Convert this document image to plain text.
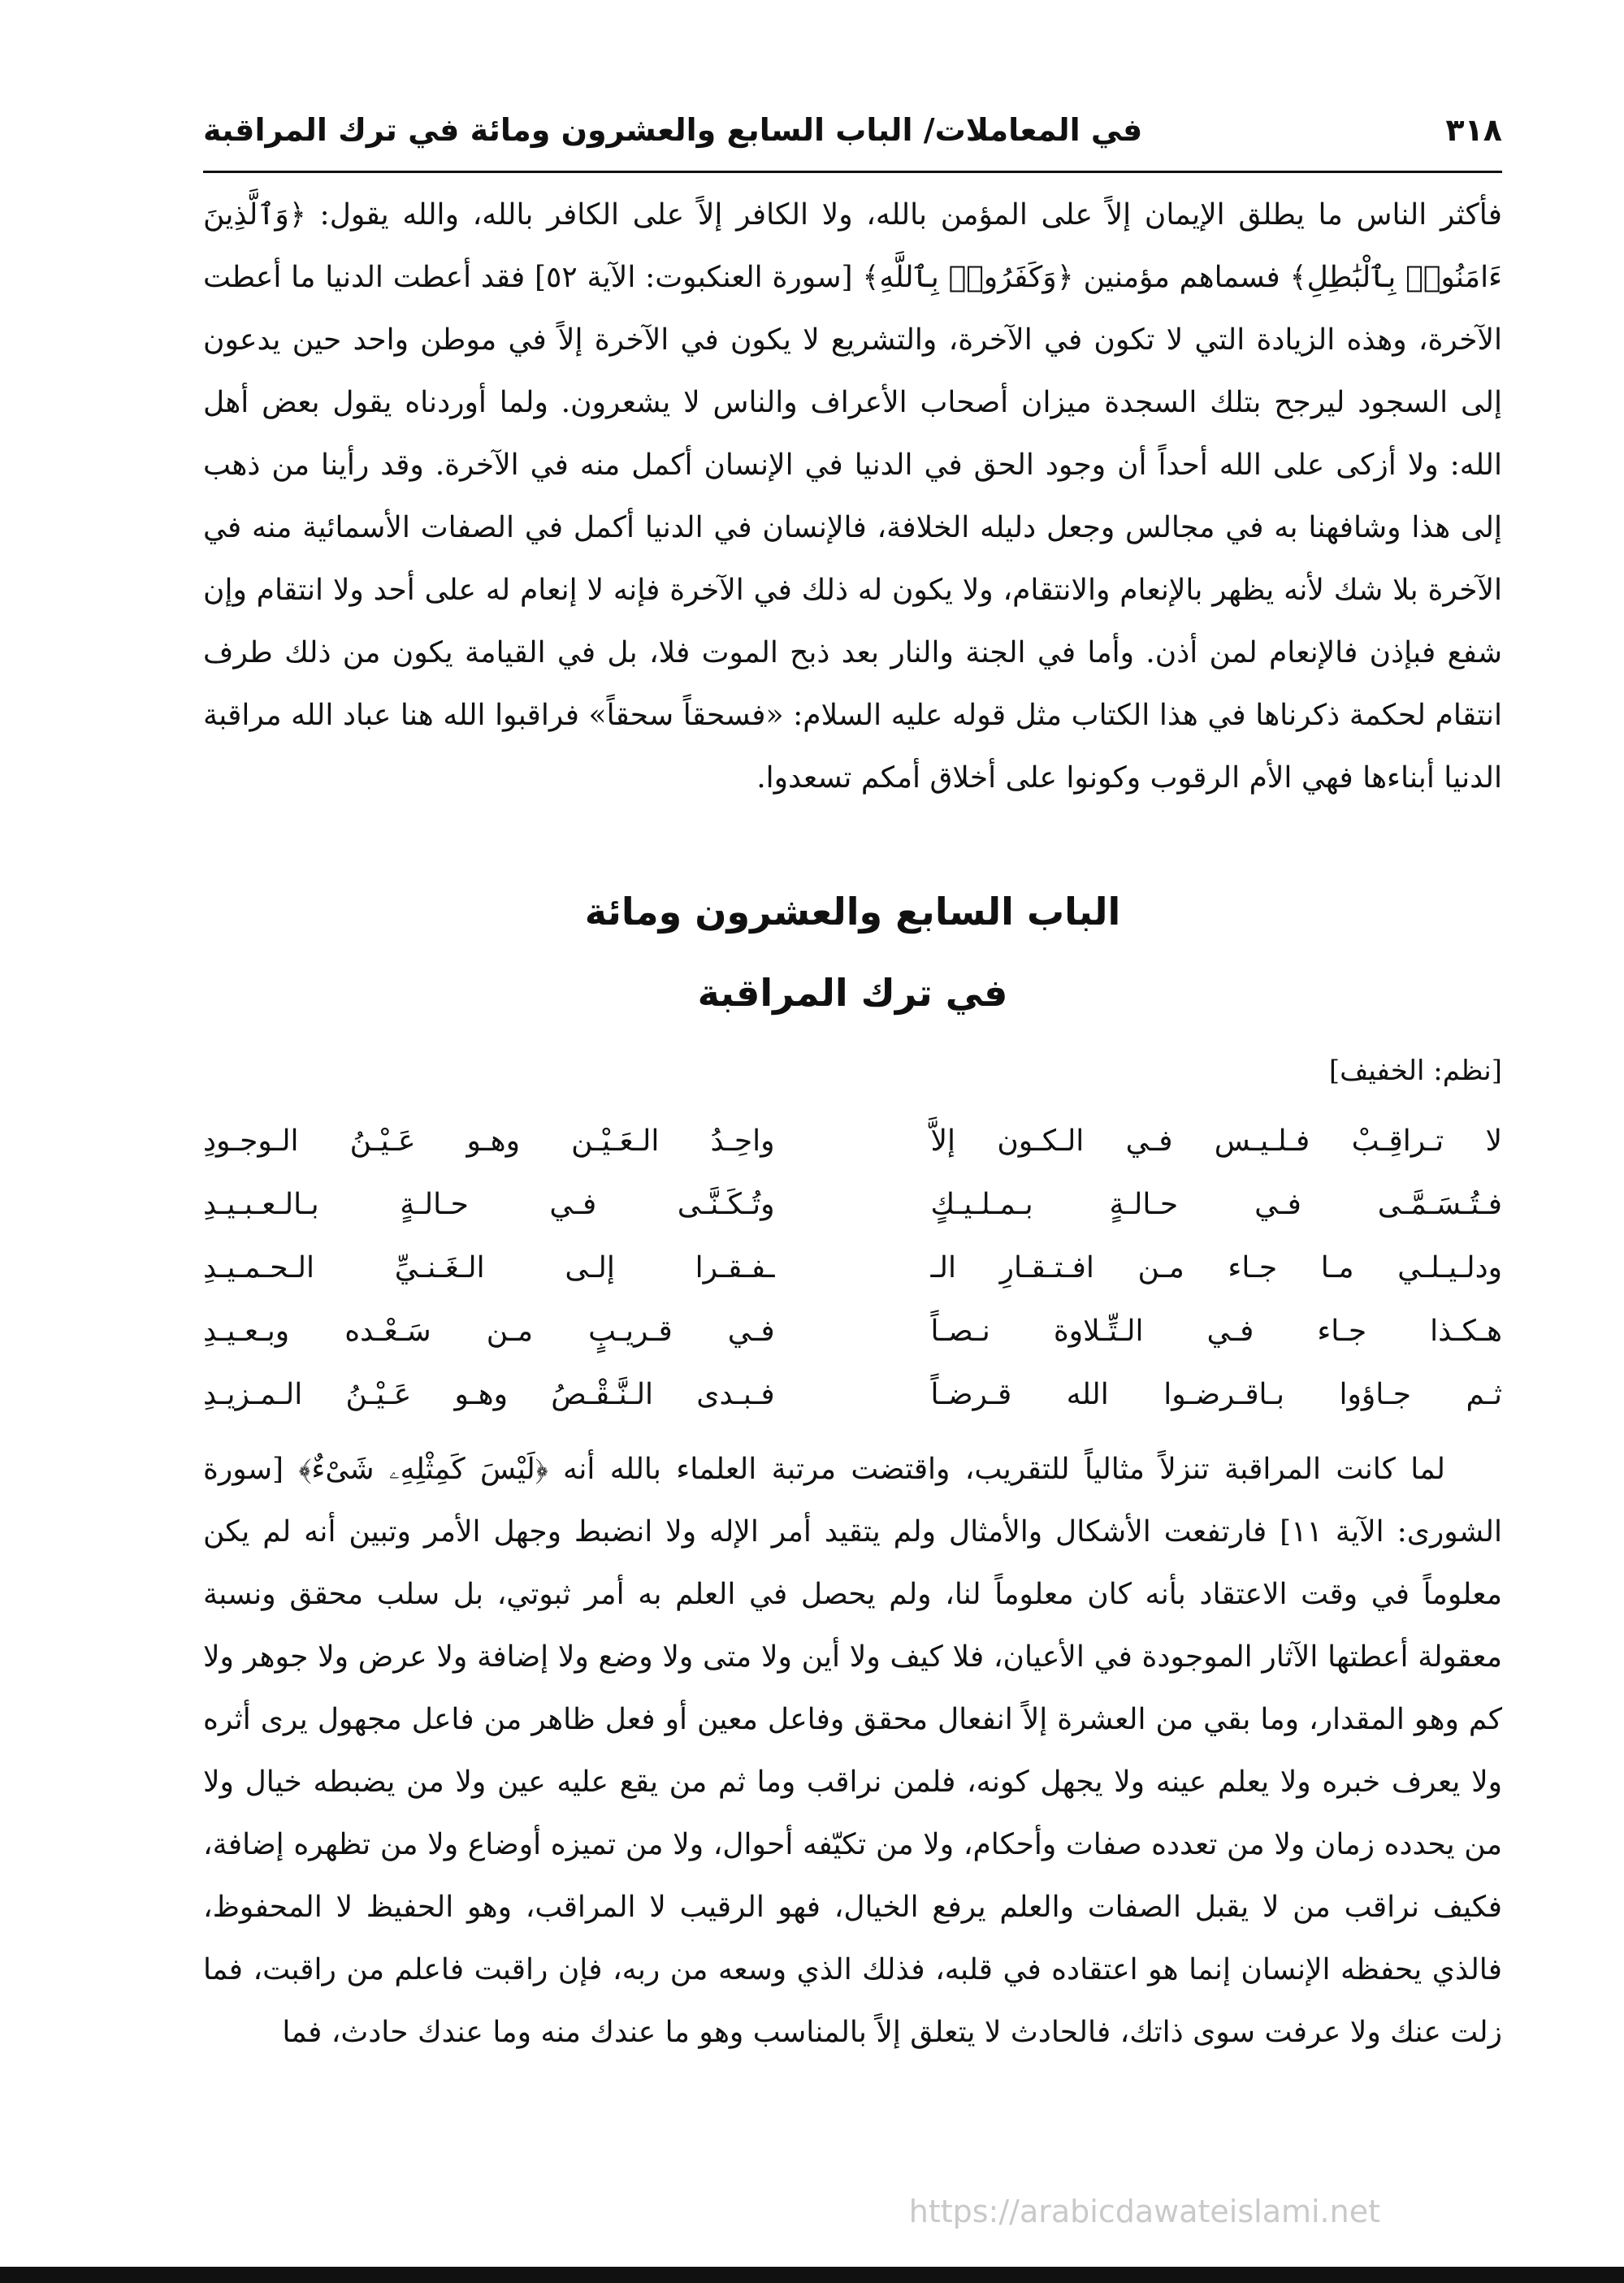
٣١٨
في المعاملات/ الباب السابع والعشرون ومائة في ترك المراقبة

فأكثر الناس ما يطلق الإيمان إلاً على المؤمن بالله، ولا الكافر إلاً على الكافر بالله، والله يقول: ﴿وَٱلَّذِينَ ءَامَنُوا۟ بِٱلْبَٰطِلِ﴾ فسماهم مؤمنين ﴿وَكَفَرُوا۟ بِٱللَّهِ﴾ [سورة العنكبوت: الآية ٥٢] فقد أعطت الدنيا ما أعطت الآخرة، وهذه الزيادة التي لا تكون في الآخرة، والتشريع لا يكون في الآخرة إلاً في موطن واحد حين يدعون إلى السجود ليرجح بتلك السجدة ميزان أصحاب الأعراف والناس لا يشعرون. ولما أوردناه يقول بعض أهل الله: ولا أزكى على الله أحداً أن وجود الحق في الدنيا في الإنسان أكمل منه في الآخرة. وقد رأينا من ذهب إلى هذا وشافهنا به في مجالس وجعل دليله الخلافة، فالإنسان في الدنيا أكمل في الصفات الأسمائية منه في الآخرة بلا شك لأنه يظهر بالإنعام والانتقام، ولا يكون له ذلك في الآخرة فإنه لا إنعام له على أحد ولا انتقام وإن شفع فبإذن فالإنعام لمن أذن. وأما في الجنة والنار بعد ذبح الموت فلا، بل في القيامة يكون من ذلك طرف انتقام لحكمة ذكرناها في هذا الكتاب مثل قوله عليه السلام: «فسحقاً سحقاً» فراقبوا الله هنا عباد الله مراقبة الدنيا أبناءها فهي الأم الرقوب وكونوا على أخلاق أمكم تسعدوا.

الباب السابع والعشرون ومائة
في ترك المراقبة
[نظم: الخفيف]
لا تـراقِـبْ فـلـيـس فـي الـكـون إلاَّ
واحِـدُ الـعَـيْـن وهـو عَـيْـنُ الـوجـودِ
فـتُـسَـمَّـى فـي حـالـةٍ بـمـلـيـكٍ
وتُـكَـنَّـى فـي حـالـةٍ بـالـعـبـيـدِ
ودلـيـلـي مـا جـاء مـن افـتـقـارِ الـ
ـفـقـرا إلـى الـغَـنـيِّ الـحـمـيـدِ
هـكـذا جـاء فـي الـتِّـلاوة نـصـاً
فـي قـريـبٍ مـن سَـعْـده وبـعـيـدِ
ثـم جـاؤوا بـاقـرضـوا الله قـرضـاً
فـبـدى الـنَّـقْـصُ وهـو عَـيْـنُ الـمـزيـدِ

لما كانت المراقبة تنزلاً مثالياً للتقريب، واقتضت مرتبة العلماء بالله أنه ﴿لَيْسَ كَمِثْلِهِۦ شَىْءٌ﴾ [سورة الشورى: الآية ١١] فارتفعت الأشكال والأمثال ولم يتقيد أمر الإله ولا انضبط وجهل الأمر وتبين أنه لم يكن معلوماً في وقت الاعتقاد بأنه كان معلوماً لنا، ولم يحصل في العلم به أمر ثبوتي، بل سلب محقق ونسبة معقولة أعطتها الآثار الموجودة في الأعيان، فلا كيف ولا أين ولا متى ولا وضع ولا إضافة ولا عرض ولا جوهر ولا كم وهو المقدار، وما بقي من العشرة إلاً انفعال محقق وفاعل معين أو فعل ظاهر من فاعل مجهول يرى أثره ولا يعرف خبره ولا يعلم عينه ولا يجهل كونه، فلمن نراقب وما ثم من يقع عليه عين ولا من يضبطه خيال ولا من يحدده زمان ولا من تعدده صفات وأحكام، ولا من تكيّفه أحوال، ولا من تميزه أوضاع ولا من تظهره إضافة، فكيف نراقب من لا يقبل الصفات والعلم يرفع الخيال، فهو الرقيب لا المراقب، وهو الحفيظ لا المحفوظ، فالذي يحفظه الإنسان إنما هو اعتقاده في قلبه، فذلك الذي وسعه من ربه، فإن راقبت فاعلم من راقبت، فما زلت عنك ولا عرفت سوى ذاتك، فالحادث لا يتعلق إلاً بالمناسب وهو ما عندك منه وما عندك حادث، فما

https://arabicdawateislami.net
